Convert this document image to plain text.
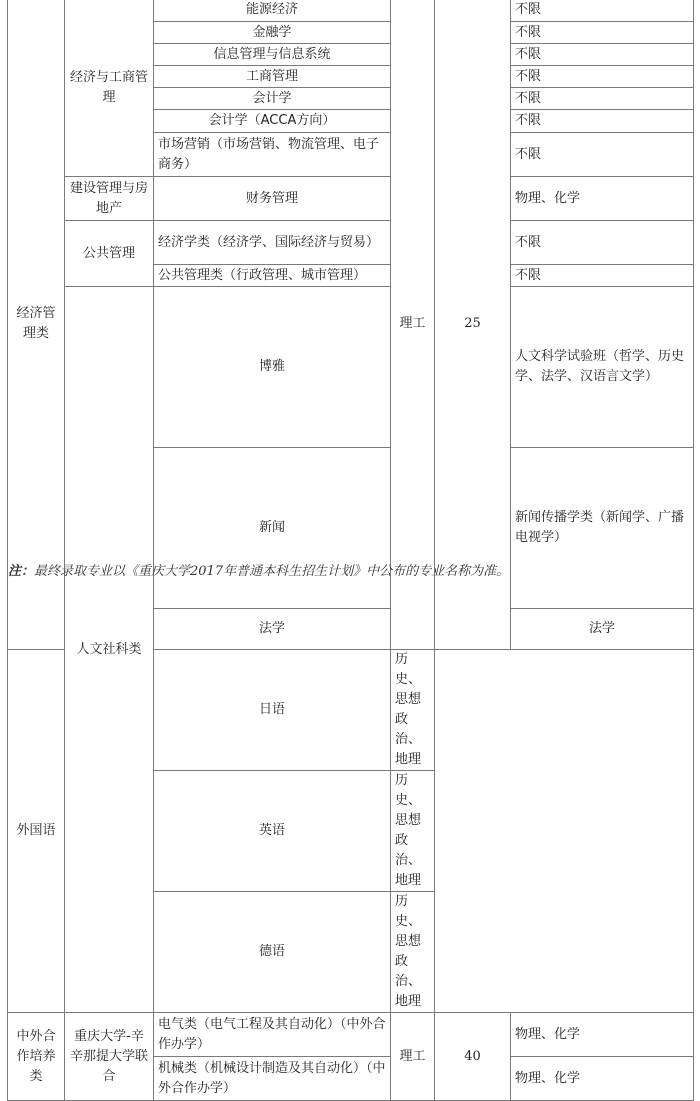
经济管理类	经济与工商管理	能源经济	理工	25	不限	
		金融学			不限	
		信息管理与信息系统			不限	
		工商管理			不限	
		会计学			不限	
		会计学（ACCA方向）			不限	
		市场营销（市场营销、物流管理、电子商务）			不限	
	建设管理与房地产	财务管理			物理、化学	
	公共管理	经济学类（经济学、国际经济与贸易）			不限	
		公共管理类（行政管理、城市管理）			不限	
	人文社科类	博雅			人文科学试验班（哲学、历史学、法学、汉语言文学）			
		新闻			新闻传播学类（新闻学、广播电视学）	
		法学			法学	
外国语		日语	历史、思想政治、地理			
		英语	历史、思想政治、地理			
		德语	历史、思想政治、地理			
中外合作培养类	重庆大学-辛辛那提大学联合	电气类（电气工程及其自动化）（中外合作办学）	理工	40	物理、化学	
		机械类（机械设计制造及其自动化）（中外合作办学）			物理、化学	
注：最终录取专业以《重庆大学2017年普通本科生招生计划》中公布的专业名称为准。
